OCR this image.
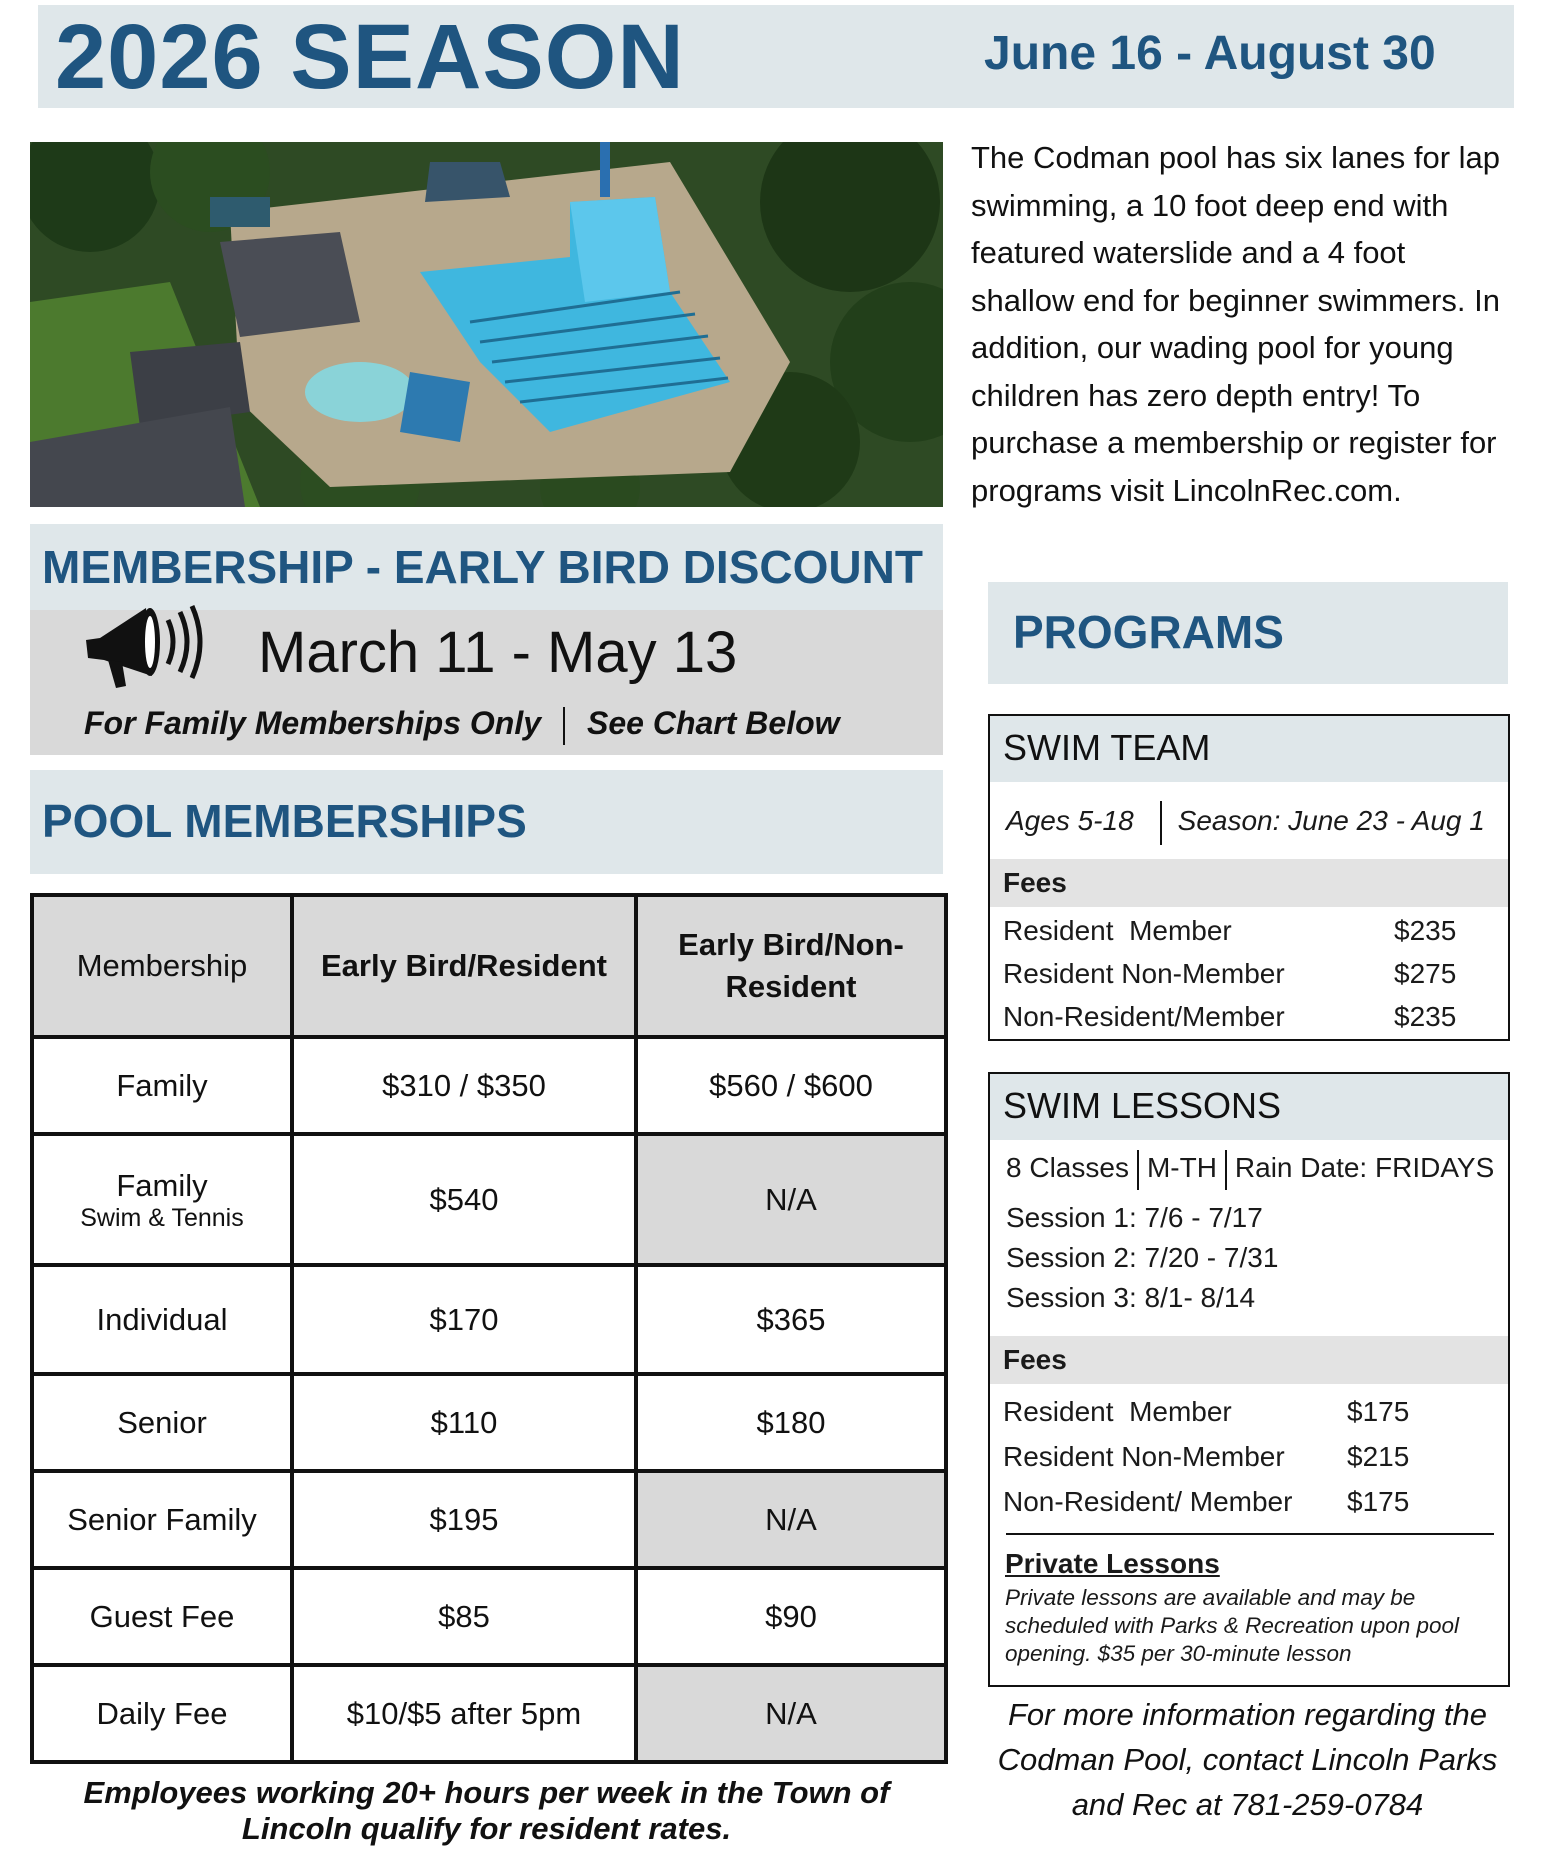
2026 SEASON	June 16 - August 30
The Codman pool has six lanes for lap swimming, a 10 foot deep end with featured waterslide and a 4 foot shallow end for beginner swimmers. In addition, our wading pool for young children has zero depth entry! To purchase a membership or register for programs visit LincolnRec.com.
MEMBERSHIP - EARLY BIRD DISCOUNT
March 11 - May 13
For Family Memberships Only See Chart Below
POOL MEMBERSHIPS
Membership	Early Bird/Resident	Early Bird/Non-Resident
Family	$310 / $350	$560 / $600
Family
Swim & Tennis	$540	N/A
Individual	$170	$365
Senior	$110	$180
Senior Family	$195	N/A
Guest Fee	$85	$90
Daily Fee	$10/$5 after 5pm	N/A
Employees working 20+ hours per week in the Town of Lincoln qualify for resident rates.
PROGRAMS
SWIM TEAM
Ages 5-18 Season: June 23 - Aug 1
Fees
Resident  Member	$235
Resident Non-Member	$275
Non-Resident/Member	$235
SWIM LESSONS
8 Classes M-TH Rain Date: FRIDAYS
Session 1: 7/6 - 7/17
Session 2: 7/20 - 7/31
Session 3: 8/1- 8/14
Fees
Resident  Member	$175
Resident Non-Member $215
Non-Resident/ Member $175
Private Lessons
Private lessons are available and may be scheduled with Parks & Recreation upon pool opening. $35 per 30-minute lesson
For more information regarding the Codman Pool, contact Lincoln Parks and Rec at 781-259-0784
